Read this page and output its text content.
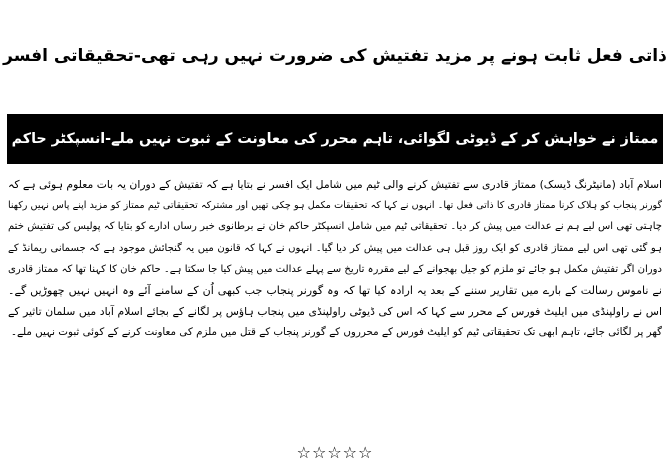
ذاتی فعل ثابت ہونے پر مزید تفتیش کی ضرورت نہیں رہی تھی-تحقیقاتی افسر
ممتاز نے خواہش کر کے ڈیوٹی لگوائی، تاہم محرر کی معاونت کے ثبوت نہیں ملے-انسپکٹر حاکم
اسلام آباد (مانیٹرنگ ڈیسک) ممتاز قادری سے تفتیش کرنے والی ٹیم میں شامل ایک افسر نے بتایا ہے کہ تفتیش کے دوران یہ بات معلوم ہوئی ہے کہ
گورنر پنجاب کو ہلاک کرنا ممتاز قادری کا ذاتی فعل تھا۔ انہوں نے کہا کہ تحقیقات مکمل ہو چکی تھیں اور مشترکہ تحقیقاتی ٹیم ممتاز کو مزید اپنے پاس نہیں رکھنا
چاہتی تھی اس لیے ہم نے عدالت میں پیش کر دیا۔ تحقیقاتی ٹیم میں شامل انسپکٹر حاکم خان نے برطانوی خبر رساں ادارے کو بتایا کہ پولیس کی تفتیش ختم
ہو گئی تھی اس لیے ممتاز قادری کو ایک روز قبل ہی عدالت میں پیش کر دیا گیا۔ انہوں نے کہا کہ قانون میں یہ گنجائش موجود ہے کہ جسمانی ریمانڈ کے
دوران اگر تفتیش مکمل ہو جائے تو ملزم کو جیل بھجوانے کے لیے مقررہ تاریخ سے پہلے عدالت میں پیش کیا جا سکتا ہے۔ حاکم خان کا کہنا تھا کہ ممتاز قادری
نے ناموس رسالت کے بارے میں تقاریر سننے کے بعد یہ ارادہ کیا تھا کہ وہ گورنر پنجاب جب کبھی اُن کے سامنے آئے وہ انہیں نہیں چھوڑیں گے۔
اس نے راولپنڈی میں ایلیٹ فورس کے محرر سے کہا کہ اس کی ڈیوٹی راولپنڈی میں پنجاب ہاؤس پر لگانے کے بجائے اسلام آباد میں سلمان تاثیر کے
گھر پر لگائی جائے، تاہم ابھی تک تحقیقاتی ٹیم کو ایلیٹ فورس کے محرروں کے گورنر پنجاب کے قتل میں ملزم کی معاونت کرنے کے کوئی ثبوت نہیں ملے۔
☆☆☆☆☆
